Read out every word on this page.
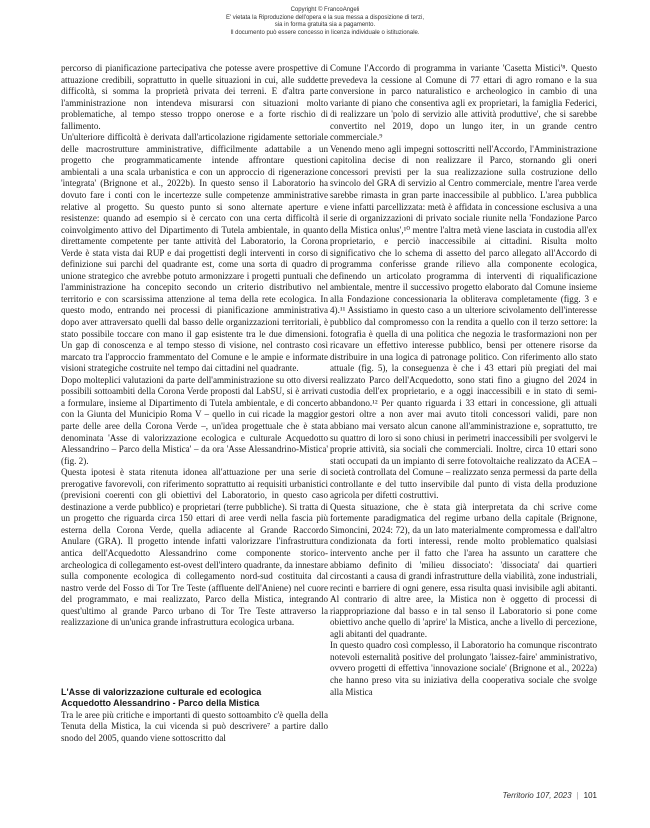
Copyright © FrancoAngeli
E' vietata la Riproduzione dell'opera e la sua messa a disposizione di terzi,
sia in forma gratuita sia a pagamento.
Il documento può essere concesso in licenza individuale o istituzionale.

percorso di pianificazione partecipativa che potesse avere prospettive di attuazione credibili, soprattutto in quelle situazioni in cui, alle suddette difficoltà, si somma la proprietà privata dei terreni. E d'altra parte l'amministrazione non intendeva misurarsi con situazioni molto problematiche, al tempo stesso troppo onerose e a forte rischio di fallimento.

Un'ulteriore difficoltà è derivata dall'articolazione rigidamente settoriale delle macrostrutture amministrative, difficilmente adattabile a un progetto che programmaticamente intende affrontare questioni ambientali a una scala urbanistica e con un approccio di rigenerazione 'integrata' (Brignone et al., 2022b). In questo senso il Laboratorio ha dovuto fare i conti con le incertezze sulle competenze amministrative relative al progetto. Su questo punto si sono alternate aperture e resistenze: quando ad esempio si è cercato con una certa difficoltà il coinvolgimento attivo del Dipartimento di Tutela ambientale, in quanto direttamente competente per tante attività del Laboratorio, la Corona Verde è stata vista dai RUP e dai progettisti degli interventi in corso di definizione sui parchi del quadrante est, come una sorta di quadro di unione strategico che avrebbe potuto armonizzare i progetti puntuali che l'amministrazione ha concepito secondo un criterio distributivo nel territorio e con scarsissima attenzione al tema della rete ecologica. In questo modo, entrando nei processi di pianificazione amministrativa dopo aver attraversato quelli dal basso delle organizzazioni territoriali, è stato possibile toccare con mano il gap esistente tra le due dimensioni. Un gap di conoscenza e al tempo stesso di visione, nel contrasto così marcato tra l'approccio frammentato del Comune e le ampie e informate visioni strategiche costruite nel tempo dai cittadini nel quadrante.

Dopo molteplici valutazioni da parte dell'amministrazione su otto diversi possibili sottoambiti della Corona Verde proposti dal LabSU, si è arrivati a formulare, insieme al Dipartimento di Tutela ambientale, e di concerto con la Giunta del Municipio Roma V – quello in cui ricade la maggior parte delle aree della Corona Verde –, un'idea progettuale che è stata denominata 'Asse di valorizzazione ecologica e culturale Acquedotto Alessandrino – Parco della Mistica' – da ora 'Asse Alessandrino-Mistica' (fig. 2).

Questa ipotesi è stata ritenuta idonea all'attuazione per una serie di prerogative favorevoli, con riferimento soprattutto ai requisiti urbanistici (previsioni coerenti con gli obiettivi del Laboratorio, in questo caso destinazione a verde pubblico) e proprietari (terre pubbliche). Si tratta di un progetto che riguarda circa 150 ettari di aree verdi nella fascia più esterna della Corona Verde, quella adiacente al Grande Raccordo Anulare (GRA). Il progetto intende infatti valorizzare l'infrastruttura antica dell'Acquedotto Alessandrino come componente storico-archeologica di collegamento est-ovest dell'intero quadrante, da innestare sulla componente ecologica di collegamento nord-sud costituita dal nastro verde del Fosso di Tor Tre Teste (affluente dell'Aniene) nel cuore del programmato, e mai realizzato, Parco della Mistica, integrando quest'ultimo al grande Parco urbano di Tor Tre Teste attraverso la realizzazione di un'unica grande infrastruttura ecologica urbana.

L'Asse di valorizzazione culturale ed ecologica
Acquedotto Alessandrino - Parco della Mistica

Tra le aree più critiche e importanti di questo sottoambito c'è quella della Tenuta della Mistica, la cui vicenda si può descrivere⁷ a partire dallo snodo del 2005, quando viene sottoscritto dal

Comune l'Accordo di programma in variante 'Casetta Mistici'⁸. Questo prevedeva la cessione al Comune di 77 ettari di agro romano e la sua conversione in parco naturalistico e archeologico in cambio di una variante di piano che consentiva agli ex proprietari, la famiglia Federici, di realizzare un 'polo di servizio alle attività produttive', che si sarebbe convertito nel 2019, dopo un lungo iter, in un grande centro commerciale.⁹

Venendo meno agli impegni sottoscritti nell'Accordo, l'Amministrazione capitolina decise di non realizzare il Parco, stornando gli oneri concessori previsti per la sua realizzazione sulla costruzione dello svincolo del GRA di servizio al Centro commerciale, mentre l'area verde sarebbe rimasta in gran parte inaccessibile al pubblico. L'area pubblica viene infatti parcellizzata: metà è affidata in concessione esclusiva a una serie di organizzazioni di privato sociale riunite nella 'Fondazione Parco della Mistica onlus',¹⁰ mentre l'altra metà viene lasciata in custodia all'ex proprietario, e perciò inaccessibile ai cittadini. Risulta molto significativo che lo schema di assetto del parco allegato all'Accordo di programma conferisse grande rilievo alla componente ecologica, definendo un articolato programma di interventi di riqualificazione ambientale, mentre il successivo progetto elaborato dal Comune insieme alla Fondazione concessionaria la obliterava completamente (figg. 3 e 4).¹¹ Assistiamo in questo caso a un ulteriore scivolamento dell'interesse pubblico dal compromesso con la rendita a quello con il terzo settore: la fotografia è quella di una politica che negozia le trasformazioni non per ricavare un effettivo interesse pubblico, bensì per ottenere risorse da distribuire in una logica di patronage politico. Con riferimento allo stato attuale (fig. 5), la conseguenza è che i 43 ettari più pregiati del mai realizzato Parco dell'Acquedotto, sono stati fino a giugno del 2024 in custodia dell'ex proprietario, e a oggi inaccessibili e in stato di semi-abbandono.¹² Per quanto riguarda i 33 ettari in concessione, gli attuali gestori oltre a non aver mai avuto titoli concessori validi, pare non abbiano mai versato alcun canone all'amministrazione e, soprattutto, tre su quattro di loro si sono chiusi in perimetri inaccessibili per svolgervi le proprie attività, sia sociali che commerciali. Inoltre, circa 10 ettari sono stati occupati da un impianto di serre fotovoltaiche realizzato da ACEA – società controllata del Comune – realizzato senza permessi da parte della controllante e del tutto inservibile dal punto di vista della produzione agricola per difetti costruttivi.

Questa situazione, che è stata già interpretata da chi scrive come fortemente paradigmatica del regime urbano della capitale (Brignone, Simoncini, 2024: 72), da un lato materialmente compromessa e dall'altro condizionata da forti interessi, rende molto problematico qualsiasi intervento anche per il fatto che l'area ha assunto un carattere che abbiamo definito di 'milieu dissociato': 'dissociata' dai quartieri circostanti a causa di grandi infrastrutture della viabilità, zone industriali, recinti e barriere di ogni genere, essa risulta quasi invisibile agli abitanti. Al contrario di altre aree, la Mistica non è oggetto di processi di riappropriazione dal basso e in tal senso il Laboratorio si pone come obiettivo anche quello di 'aprire' la Mistica, anche a livello di percezione, agli abitanti del quadrante.

In questo quadro così complesso, il Laboratorio ha comunque riscontrato notevoli esternalità positive del prolungato 'laissez-faire' amministrativo, ovvero progetti di effettiva 'innovazione sociale' (Brignone et al., 2022a) che hanno preso vita su iniziativa della cooperativa sociale che svolge alla Mistica

Territorio 107, 2023 | 101
